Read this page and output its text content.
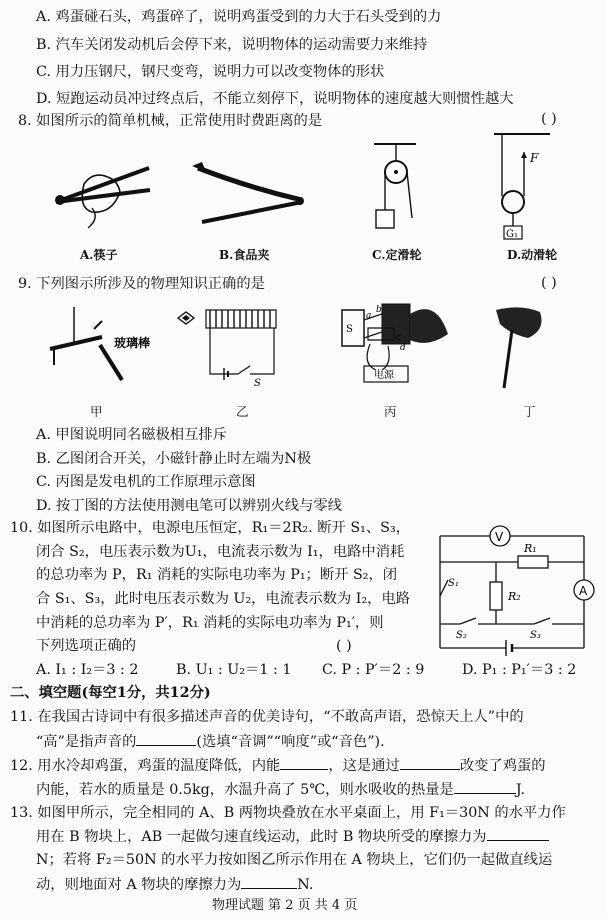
A. 鸡蛋碰石头，鸡蛋碎了，说明鸡蛋受到的力大于石头受到的力
B. 汽车关闭发动机后会停下来，说明物体的运动需要力来维持
C. 用力压钢尺，钢尺变弯，说明力可以改变物体的形状
D. 短跑运动员冲过终点后，不能立刻停下，说明物体的速度越大则惯性越大
8. 如图所示的简单机械，正常使用时费距离的是	( )
A.筷子	B.食品夹	C.定滑轮
F
G₁
D.动滑轮
9. 下列图示所涉及的物理知识正确的是	( )
玻璃棒
甲
S
乙
S
a
b
c
d
电源
丙	丁
A. 甲图说明同名磁极相互排斥
B. 乙图闭合开关，小磁针静止时左端为N极
C. 丙图是发电机的工作原理示意图
D. 按丁图的方法使用测电笔可以辨别火线与零线
10. 如图所示电路中，电源电压恒定，R₁＝2R₂. 断开 S₁、S₃，
闭合 S₂，电压表示数为U₁，电流表示数为 I₁，电路中消耗
的总功率为 P，R₁ 消耗的实际电功率为 P₁；断开 S₂，闭
合 S₁、S₃，此时电压表示数为 U₂，电流表示数为 I₂，电路
中消耗的总功率为 P′，R₁ 消耗的实际电功率为 P₁′，则
下列选项正确的	( )
V
A
R₁
R₂
S₁
S₂	S₃
A. I₁ : I₂＝3 : 2	B. U₁ : U₂＝1 : 1 C. P : P′＝2 : 9	D. P₁ : P₁′＝3 : 2
二、填空题(每空1分，共12分)
11. 在我国古诗词中有很多描述声音的优美诗句，“不敢高声语，恐惊天上人”中的
“高”是指声音的	(选填“音调”“响度”或“音色”).
12. 用水冷却鸡蛋，鸡蛋的温度降低，内能	，这是通过	改变了鸡蛋的
内能，若水的质量是 0.5kg，水温升高了 5℃，则水吸收的热量是	J.
13. 如图甲所示，完全相同的 A、B 两物块叠放在水平桌面上，用 F₁＝30N 的水平力作
用在 B 物块上，AB 一起做匀速直线运动，此时 B 物块所受的摩擦力为
N；若将 F₂＝50N 的水平力按如图乙所示作用在 A 物块上，它们仍一起做直线运
动，则地面对 A 物块的摩擦力为	N.
物理试题 第 2 页 共 4 页
